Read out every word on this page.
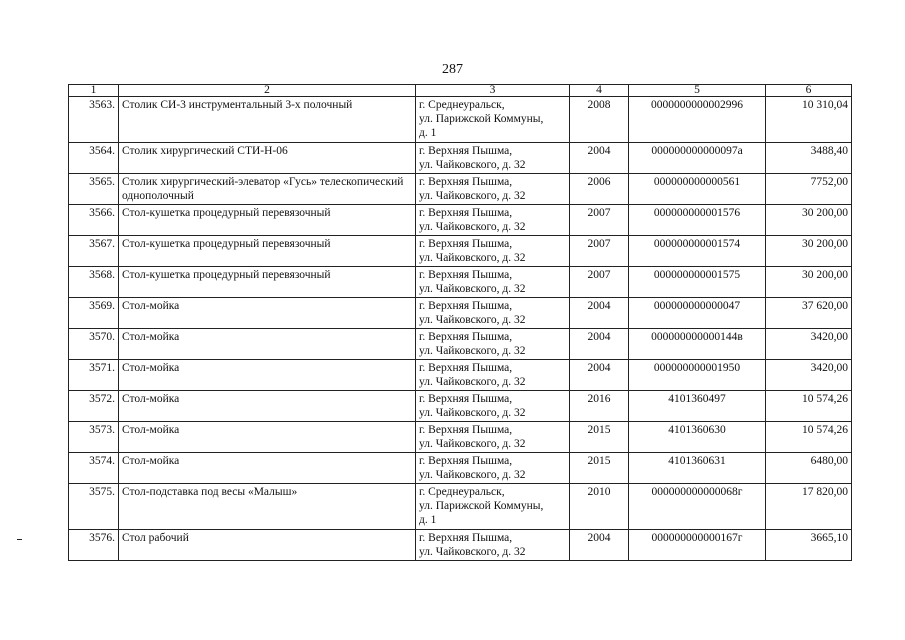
287
1	2	3	4	5	6
3563.	Столик СИ-3 инструментальный 3-х полочный	г. Среднеуральск,
ул. Парижской Коммуны,
д. 1	2008	0000000000002996	10 310,04
3564.	Столик хирургический СТИ-Н-06	г. Верхняя Пышма,
ул. Чайковского, д. 32	2004	000000000000097а	3488,40
3565.	Столик хирургический-элеватор «Гусь» телескопический однополочный	г. Верхняя Пышма,
ул. Чайковского, д. 32	2006	000000000000561	7752,00
3566.	Стол-кушетка процедурный перевязочный	г. Верхняя Пышма,
ул. Чайковского, д. 32	2007	000000000001576	30 200,00
3567.	Стол-кушетка процедурный перевязочный	г. Верхняя Пышма,
ул. Чайковского, д. 32	2007	000000000001574	30 200,00
3568.	Стол-кушетка процедурный перевязочный	г. Верхняя Пышма,
ул. Чайковского, д. 32	2007	000000000001575	30 200,00
3569.	Стол-мойка	г. Верхняя Пышма,
ул. Чайковского, д. 32	2004	000000000000047	37 620,00
3570.	Стол-мойка	г. Верхняя Пышма,
ул. Чайковского, д. 32	2004	000000000000144в	3420,00
3571.	Стол-мойка	г. Верхняя Пышма,
ул. Чайковского, д. 32	2004	000000000001950	3420,00
3572.	Стол-мойка	г. Верхняя Пышма,
ул. Чайковского, д. 32	2016	4101360497	10 574,26
3573.	Стол-мойка	г. Верхняя Пышма,
ул. Чайковского, д. 32	2015	4101360630	10 574,26
3574.	Стол-мойка	г. Верхняя Пышма,
ул. Чайковского, д. 32	2015	4101360631	6480,00
3575.	Стол-подставка под весы «Малыш»	г. Среднеуральск,
ул. Парижской Коммуны,
д. 1	2010	000000000000068г	17 820,00
3576.	Стол рабочий	г. Верхняя Пышма,
ул. Чайковского, д. 32	2004	000000000000167г	3665,10
